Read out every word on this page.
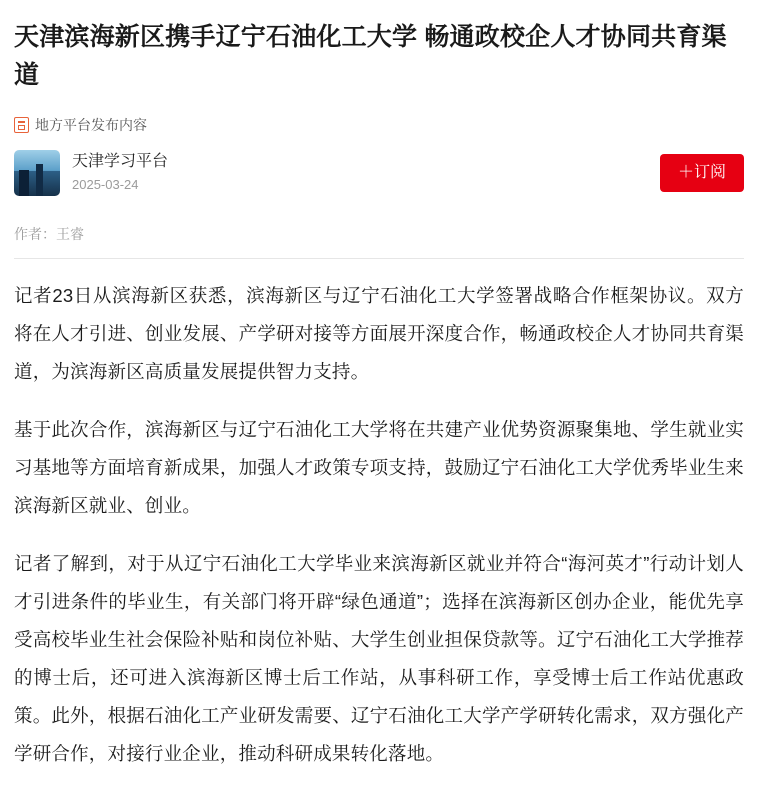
天津滨海新区携手辽宁石油化工大学 畅通政校企人才协同共育渠道
地方平台发布内容
天津学习平台
2025-03-24
＋订阅
作者：王睿

记者23日从滨海新区获悉，滨海新区与辽宁石油化工大学签署战略合作框架协议。双方将在人才引进、创业发展、产学研对接等方面展开深度合作，畅通政校企人才协同共育渠道，为滨海新区高质量发展提供智力支持。

基于此次合作，滨海新区与辽宁石油化工大学将在共建产业优势资源聚集地、学生就业实习基地等方面培育新成果，加强人才政策专项支持，鼓励辽宁石油化工大学优秀毕业生来滨海新区就业、创业。

记者了解到，对于从辽宁石油化工大学毕业来滨海新区就业并符合“海河英才”行动计划人才引进条件的毕业生，有关部门将开辟“绿色通道”；选择在滨海新区创办企业，能优先享受高校毕业生社会保险补贴和岗位补贴、大学生创业担保贷款等。辽宁石油化工大学推荐的博士后，还可进入滨海新区博士后工作站，从事科研工作，享受博士后工作站优惠政策。此外，根据石油化工产业研发需要、辽宁石油化工大学产学研转化需求，双方强化产学研合作，对接行业企业，推动科研成果转化落地。
